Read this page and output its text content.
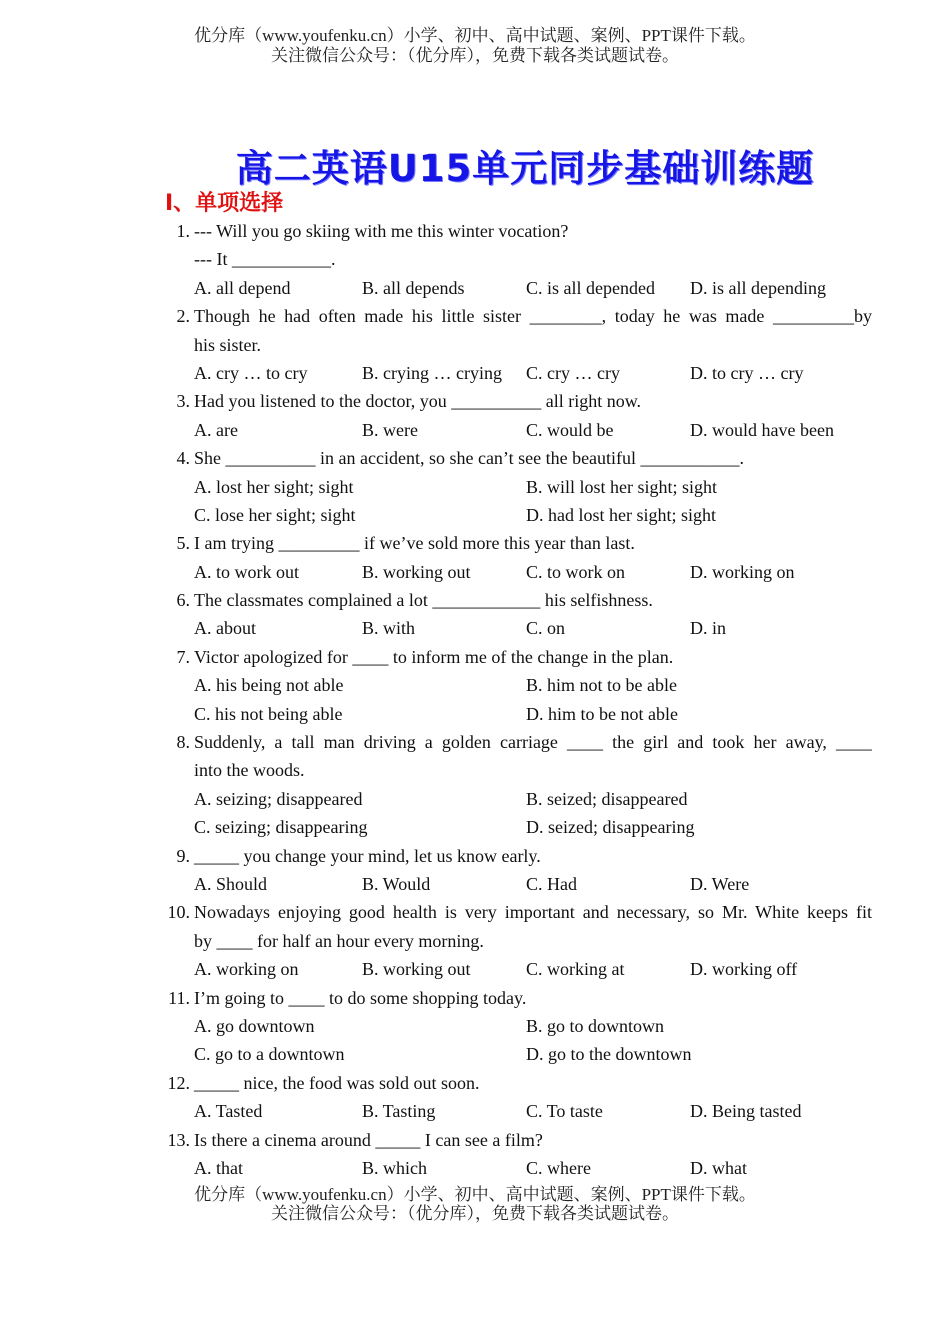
优分库（www.youfenku.cn）小学、初中、高中试题、案例、PPT课件下载。
关注微信公众号：（优分库），免费下载各类试题试卷。
高二英语U15单元同步基础训练题
Ⅰ、单项选择
1. --- Will you go skiing with me this winter vocation?
--- It ___________.
A. all depend	B. all depends	C. is all depended D. is all depending
2. Though he had often made his little sister ________, today he was made _________by
his sister.
A. cry … to cry	B. crying … crying C. cry … cry	D. to cry … cry
3. Had you listened to the doctor, you __________ all right now.
A. are	B. were	C. would be	D. would have been
4. She __________ in an accident, so she can’t see the beautiful ___________.
A. lost her sight; sight	B. will lost her sight; sight
C. lose her sight; sight	D. had lost her sight; sight
5. I am trying _________ if we’ve sold more this year than last.
A. to work out	B. working out	C. to work on	D. working on
6. The classmates complained a lot ____________ his selfishness.
A. about	B. with	C. on	D. in
7. Victor apologized for ____ to inform me of the change in the plan.
A. his being not able	B. him not to be able
C. his not being able	D. him to be not able
8. Suddenly, a tall man driving a golden carriage ____ the girl and took her away, ____
into the woods.
A. seizing; disappeared	B. seized; disappeared
C. seizing; disappearing	D. seized; disappearing
9. _____ you change your mind, let us know early.
A. Should	B. Would	C. Had	D. Were
10. Nowadays enjoying good health is very important and necessary, so Mr. White keeps fit
by ____ for half an hour every morning.
A. working on	B. working out	C. working at	D. working off
11. I’m going to ____ to do some shopping today.
A. go downtown	B. go to downtown
C. go to a downtown	D. go to the downtown
12. _____ nice, the food was sold out soon.
A. Tasted	B. Tasting	C. To taste	D. Being tasted
13. Is there a cinema around _____ I can see a film?
A. that	B. which	C. where	D. what
优分库（www.youfenku.cn）小学、初中、高中试题、案例、PPT课件下载。
关注微信公众号：（优分库），免费下载各类试题试卷。
